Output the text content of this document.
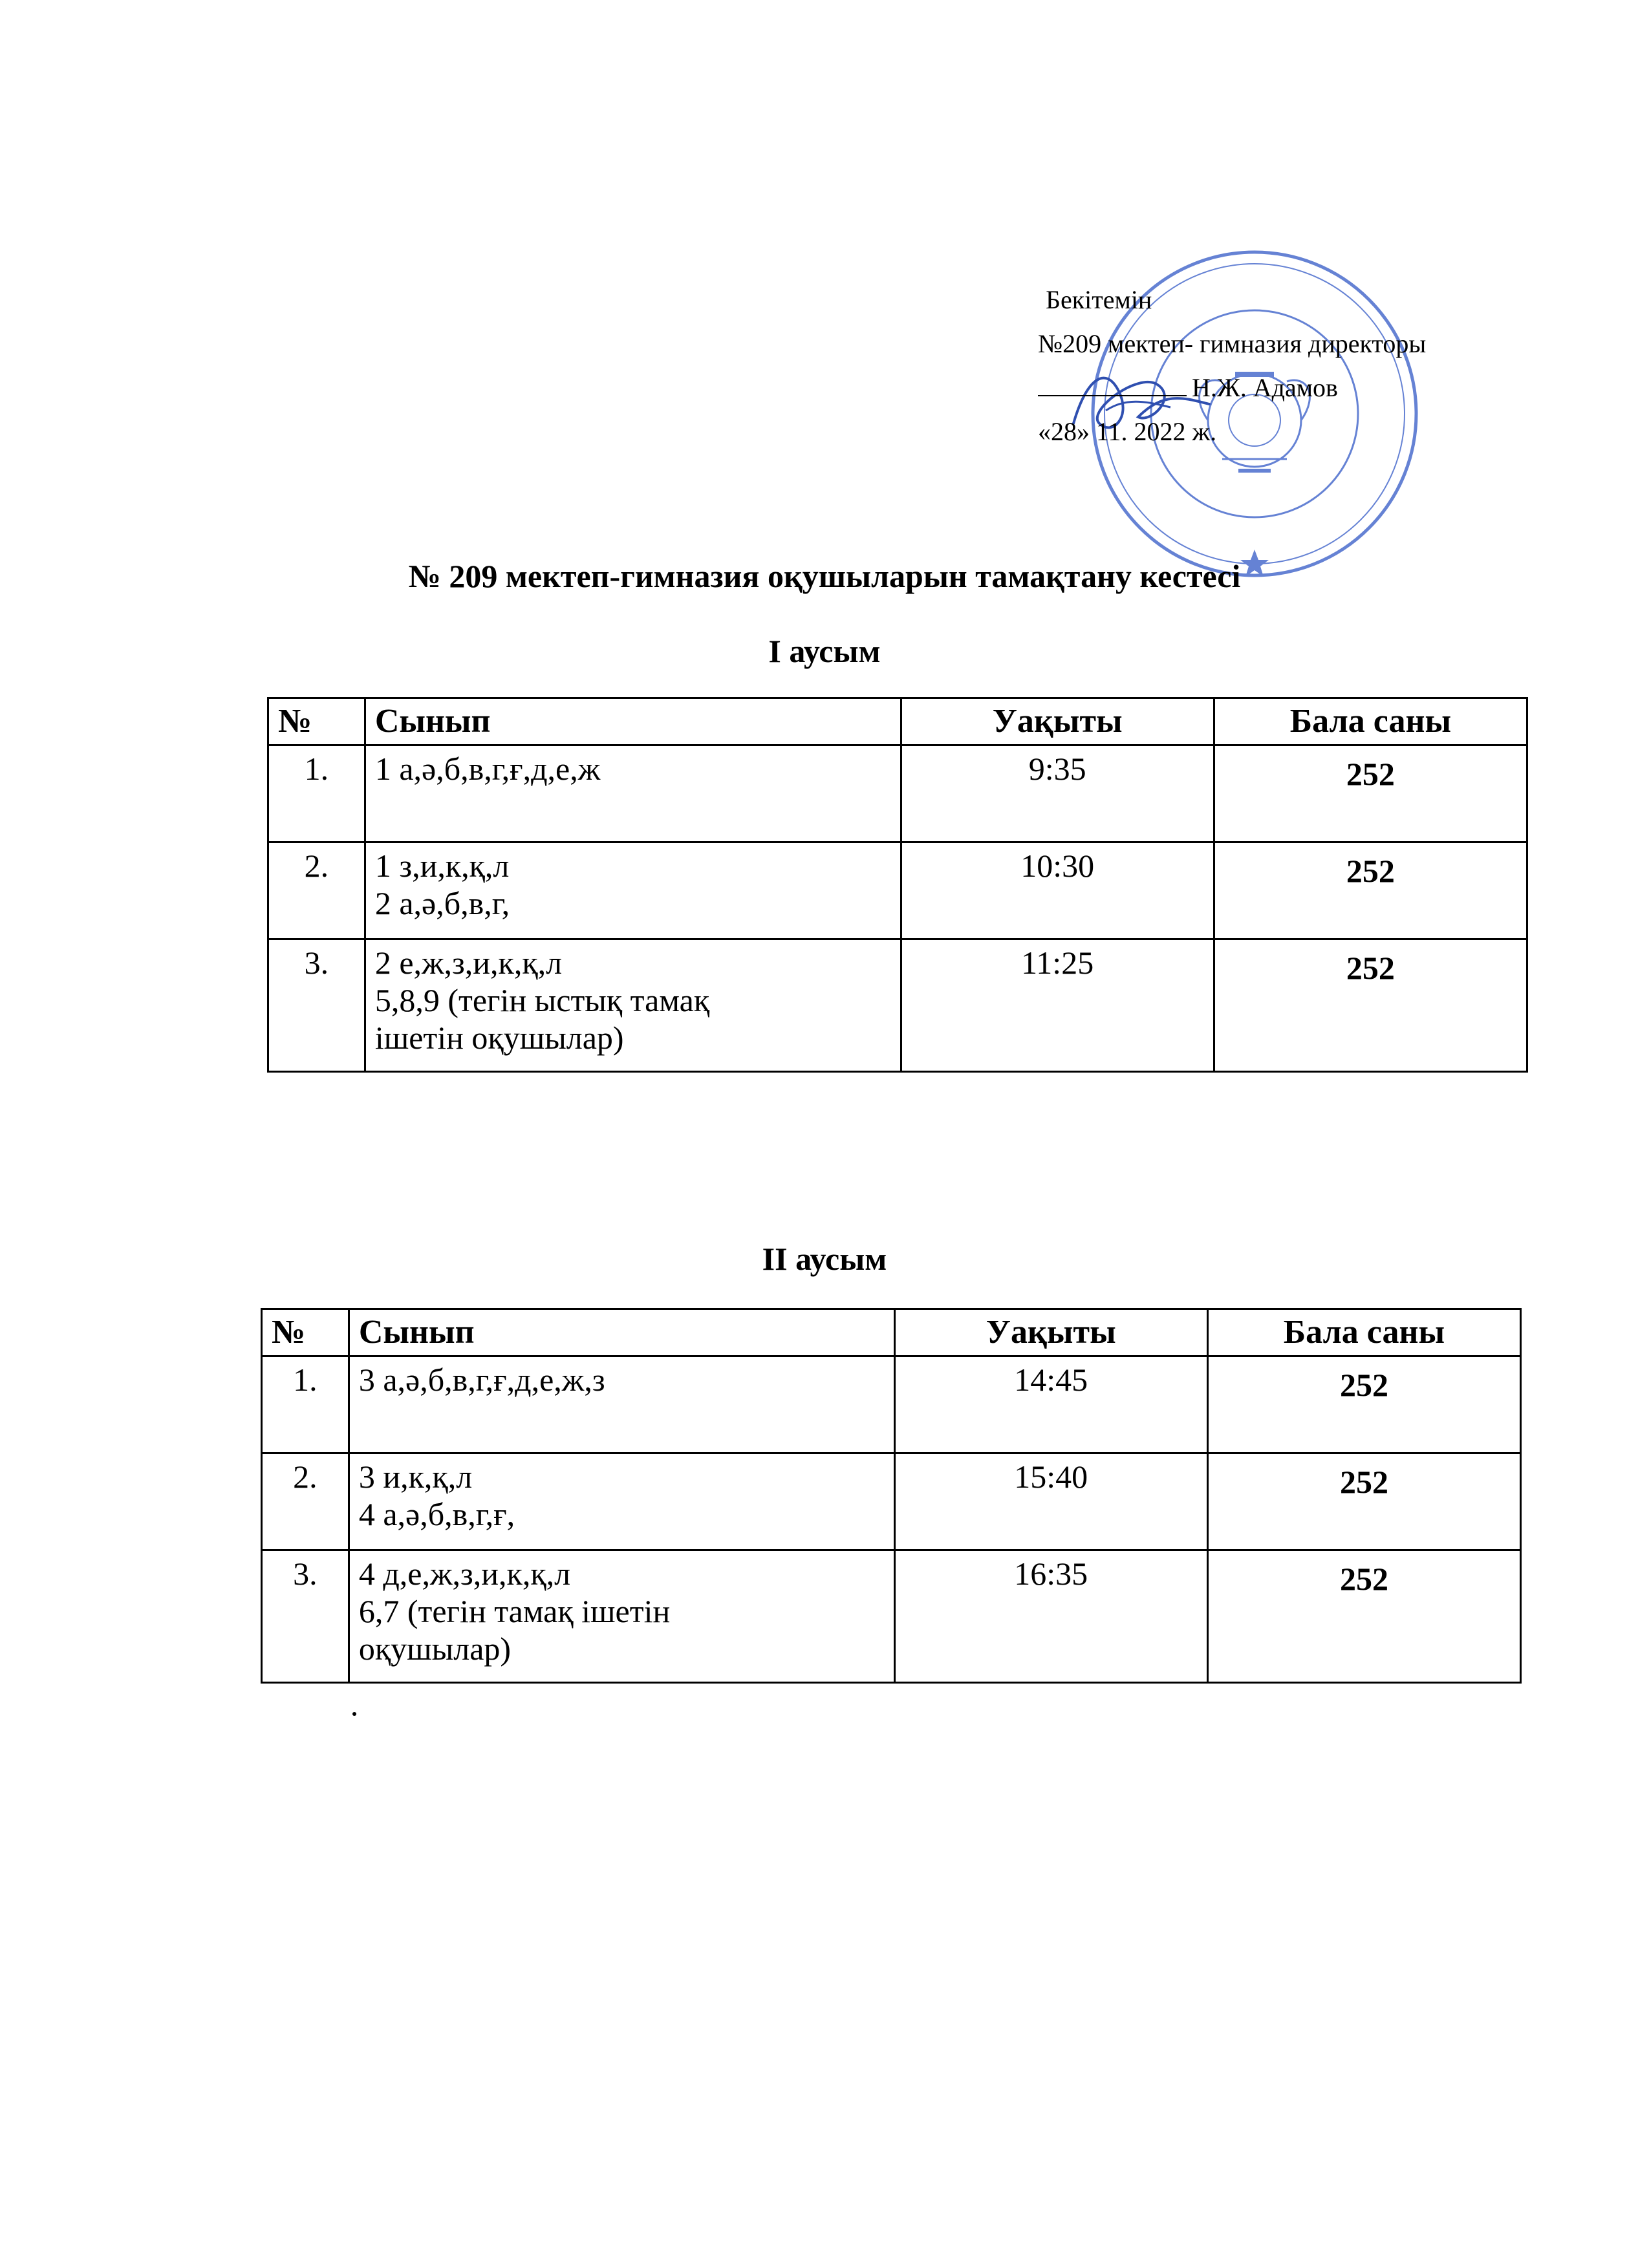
Бекітемін
№209 мектеп- гимназия директоры
Н.Ж. Адамов
«28» 11. 2022 ж.
№ 209 мектеп-гимназия оқушыларын тамақтану кестесі
I аусым
№	Сынып	Уақыты	Бала саны
1.	1 а,ә,б,в,г,ғ,д,е,ж	9:35	252
2.	1 з,и,к,қ,л
2 а,ә,б,в,г,	10:30	252
3.	2 е,ж,з,и,к,қ,л
5,8,9 (тегін ыстық тамақ
ішетін оқушылар)	11:25	252
II аусым
№	Сынып	Уақыты	Бала саны
1.	3 а,ә,б,в,г,ғ,д,е,ж,з	14:45	252
2.	3 и,к,қ,л
4 а,ә,б,в,г,ғ,	15:40	252
3.	4 д,е,ж,з,и,к,қ,л
6,7 (тегін тамақ ішетін
оқушылар)	16:35	252
